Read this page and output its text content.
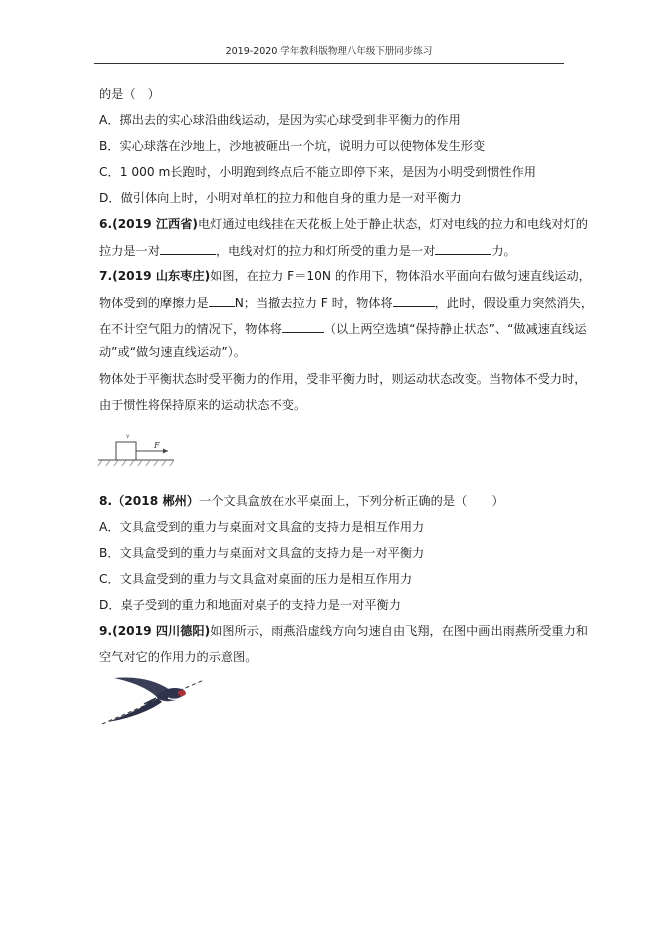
2019-2020 学年教科版物理八年级下册同步练习
的是（　）
A．掷出去的实心球沿曲线运动，是因为实心球受到非平衡力的作用
B．实心球落在沙地上，沙地被砸出一个坑，说明力可以使物体发生形变
C．1 000 m长跑时，小明跑到终点后不能立即停下来，是因为小明受到惯性作用
D．做引体向上时，小明对单杠的拉力和他自身的重力是一对平衡力
6.(2019 江西省)电灯通过电线挂在天花板上处于静止状态，灯对电线的拉力和电线对灯的
拉力是一对	，电线对灯的拉力和灯所受的重力是一对	力。
7.(2019 山东枣庄)如图，在拉力 F＝10N 的作用下，物体沿水平面向右做匀速直线运动，
物体受到的摩擦力是 N；当撤去拉力 F 时，物体将	，此时，假设重力突然消失，
在不计空气阻力的情况下，物体将	（以上两空选填“保持静止状态”、“做减速直线运
动”或“做匀速直线运动”）。
物体处于平衡状态时受平衡力的作用，受非平衡力时，则运动状态改变。当物体不受力时，
由于惯性将保持原来的运动状态不变。
F
v
8.（2018 郴州）一个文具盒放在水平桌面上，下列分析正确的是（　　）
A．文具盒受到的重力与桌面对文具盒的支持力是相互作用力
B．文具盒受到的重力与桌面对文具盒的支持力是一对平衡力
C．文具盒受到的重力与文具盒对桌面的压力是相互作用力
D．桌子受到的重力和地面对桌子的支持力是一对平衡力
9.(2019 四川德阳)如图所示，雨燕沿虚线方向匀速自由飞翔，在图中画出雨燕所受重力和
空气对它的作用力的示意图。
